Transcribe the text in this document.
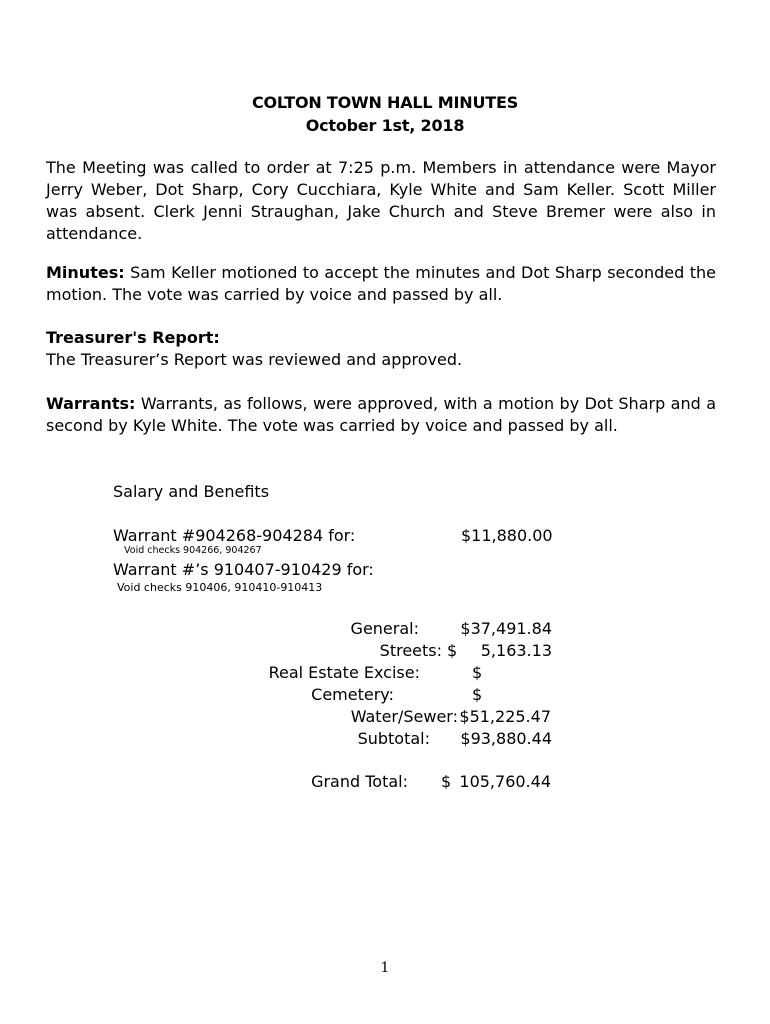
COLTON TOWN HALL MINUTES
October 1st, 2018
The Meeting was called to order at 7:25 p.m. Members in attendance were Mayor Jerry Weber, Dot Sharp, Cory Cucchiara, Kyle White and Sam Keller. Scott Miller was absent. Clerk Jenni Straughan, Jake Church and Steve Bremer were also in attendance.
Minutes: Sam Keller motioned to accept the minutes and Dot Sharp seconded the motion. The vote was carried by voice and passed by all.
Treasurer's Report:
The Treasurer’s Report was reviewed and approved.
Warrants: Warrants, as follows, were approved, with a motion by Dot Sharp and a second by Kyle White. The vote was carried by voice and passed by all.
Salary and Benefits
Warrant #904268-904284 for:	$11,880.00
Void checks 904266, 904267
Warrant #’s 910407-910429 for:
Void checks 910406, 910410-910413
General:	$37,491.84
Streets: $ 5,163.13
Real Estate Excise:	$
Cemetery:	$
Water/Sewer: $51,225.47
Subtotal: $93,880.44
Grand Total: $ 105,760.44
1
